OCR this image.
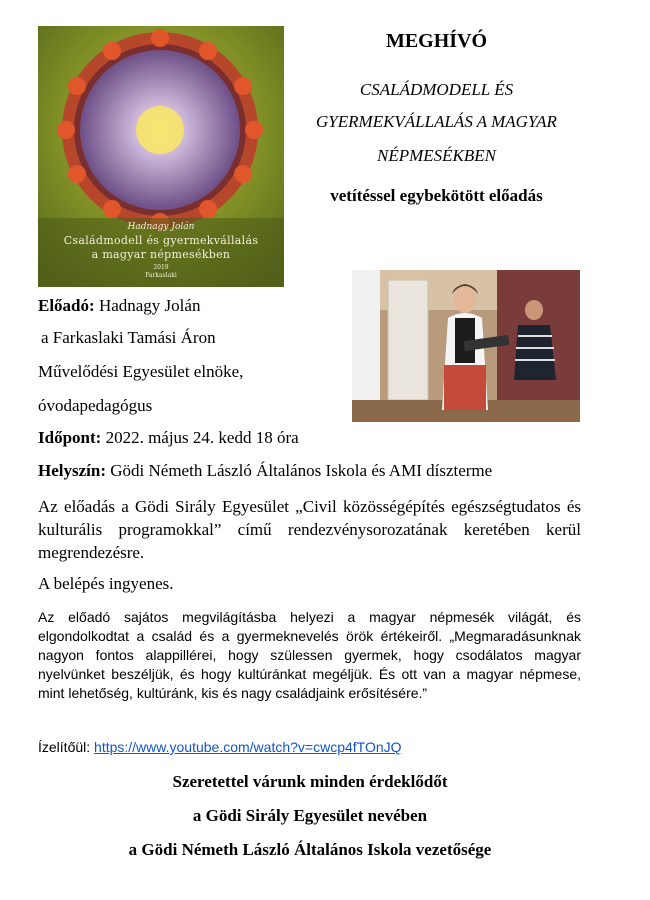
Hadnagy Jolán
Családmodell és gyermekvállalás
a magyar népmesékben
2019
Farkaslaki
MEGHÍVÓ
CSALÁDMODELL ÉS
GYERMEKVÁLLALÁS A MAGYAR
NÉPMESÉKBEN
vetítéssel egybekötött előadás
Előadó: Hadnagy Jolán
a Farkaslaki Tamási Áron
Művelődési Egyesület elnöke,
óvodapedagógus
Időpont: 2022. május 24. kedd 18 óra
Helyszín: Gödi Németh László Általános Iskola és AMI díszterme
Az előadás a Gödi Sirály Egyesület „Civil közösségépítés egészségtudatos és kulturális programokkal” című rendezvénysorozatának keretében kerül megrendezésre.
A belépés ingyenes.
Az előadó sajátos megvilágításba helyezi a magyar népmesék világát, és elgondolkodtat a család és a gyermeknevelés örök értékeiről. „Megmaradásunknak nagyon fontos alappillérei, hogy szülessen gyermek, hogy csodálatos magyar nyelvünket beszéljük, és hogy kultúránkat megéljük. És ott van a magyar népmese, mint lehetőség, kultúránk, kis és nagy családjaink erősítésére.”
Ízelítőül: https://www.youtube.com/watch?v=cwcp4fTOnJQ
Szeretettel várunk minden érdeklődőt
a Gödi Sirály Egyesület nevében
a Gödi Németh László Általános Iskola vezetősége
